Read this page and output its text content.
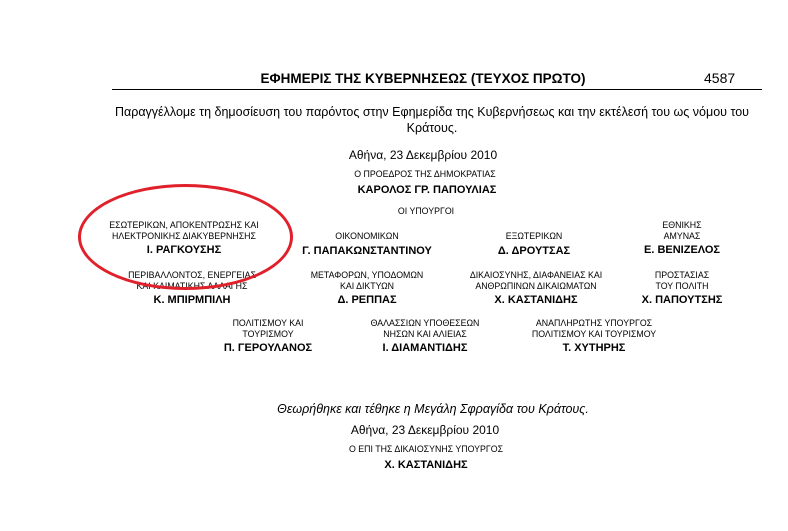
ΕΦΗΜΕΡΙΣ ΤΗΣ ΚΥΒΕΡΝΗΣΕΩΣ (ΤΕΥΧΟΣ ΠΡΩΤΟ)	4587
Παραγγέλλομε τη δημοσίευση του παρόντος στην Εφημερίδα της Κυβερνήσεως και την εκτέλεσή του ως νόμου του Κράτους.
Αθήνα, 23 Δεκεμβρίου 2010
Ο ΠΡΟΕΔΡΟΣ ΤΗΣ ΔΗΜΟΚΡΑΤΙΑΣ
ΚΑΡΟΛΟΣ ΓΡ. ΠΑΠΟΥΛΙΑΣ
ΟΙ ΥΠΟΥΡΓΟΙ
ΕΣΩΤΕΡΙΚΩΝ, ΑΠΟΚΕΝΤΡΩΣΗΣ ΚΑΙ
ΗΛΕΚΤΡΟΝΙΚΗΣ ΔΙΑΚΥΒΕΡΝΗΣΗΣ
Ι. ΡΑΓΚΟΥΣΗΣ
ΟΙΚΟΝΟΜΙΚΩΝ
Γ. ΠΑΠΑΚΩΝΣΤΑΝΤΙΝΟΥ
ΕΞΩΤΕΡΙΚΩΝ
Δ. ΔΡΟΥΤΣΑΣ
ΕΘΝΙΚΗΣ
ΑΜΥΝΑΣ
Ε. ΒΕΝΙΖΕΛΟΣ
ΠΕΡΙΒΑΛΛΟΝΤΟΣ, ΕΝΕΡΓΕΙΑΣ
ΚΑΙ ΚΛΙΜΑΤΙΚΗΣ ΑΛΛΑΓΗΣ
Κ. ΜΠΙΡΜΠΙΛΗ
ΜΕΤΑΦΟΡΩΝ, ΥΠΟΔΟΜΩΝ
ΚΑΙ ΔΙΚΤΥΩΝ
Δ. ΡΕΠΠΑΣ
ΔΙΚΑΙΟΣΥΝΗΣ, ΔΙΑΦΑΝΕΙΑΣ ΚΑΙ
ΑΝΘΡΩΠΙΝΩΝ ΔΙΚΑΙΩΜΑΤΩΝ
Χ. ΚΑΣΤΑΝΙΔΗΣ
ΠΡΟΣΤΑΣΙΑΣ
ΤΟΥ ΠΟΛΙΤΗ
Χ. ΠΑΠΟΥΤΣΗΣ
ΠΟΛΙΤΙΣΜΟΥ ΚΑΙ
ΤΟΥΡΙΣΜΟΥ
Π. ΓΕΡΟΥΛΑΝΟΣ
ΘΑΛΑΣΣΙΩΝ ΥΠΟΘΕΣΕΩΝ
ΝΗΣΩΝ ΚΑΙ ΑΛΙΕΙΑΣ
Ι. ΔΙΑΜΑΝΤΙΔΗΣ
ΑΝΑΠΛΗΡΩΤΗΣ ΥΠΟΥΡΓΟΣ
ΠΟΛΙΤΙΣΜΟΥ ΚΑΙ ΤΟΥΡΙΣΜΟΥ
Τ. ΧΥΤΗΡΗΣ
Θεωρήθηκε και τέθηκε η Μεγάλη Σφραγίδα του Κράτους.
Αθήνα, 23 Δεκεμβρίου 2010
Ο ΕΠΙ ΤΗΣ ΔΙΚΑΙΟΣΥΝΗΣ ΥΠΟΥΡΓΟΣ
Χ. ΚΑΣΤΑΝΙΔΗΣ
